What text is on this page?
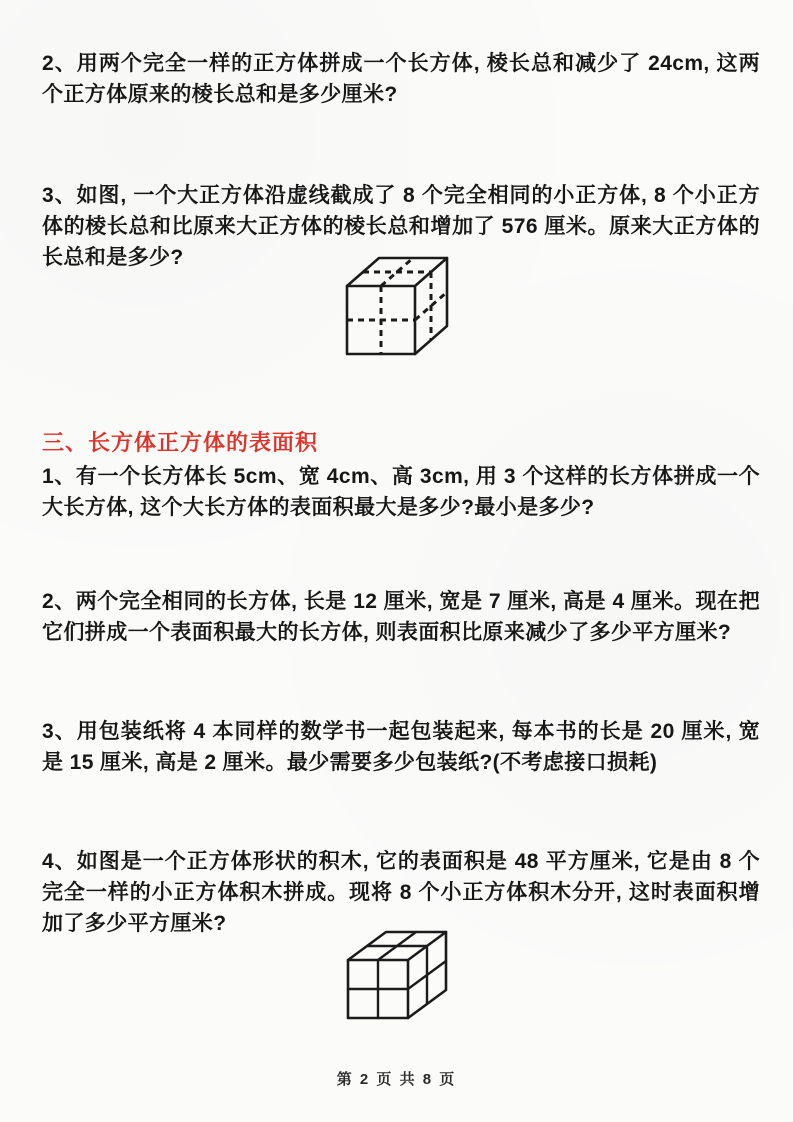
2、用两个完全一样的正方体拼成一个长方体, 棱长总和减少了 24cm, 这两个正方体原来的棱长总和是多少厘米?

3、如图, 一个大正方体沿虚线截成了 8 个完全相同的小正方体, 8 个小正方体的棱长总和比原来大正方体的棱长总和增加了 576 厘米。原来大正方体的长总和是多少?

三、长方体正方体的表面积

1、有一个长方体长 5cm、宽 4cm、高 3cm, 用 3 个这样的长方体拼成一个大长方体, 这个大长方体的表面积最大是多少?最小是多少?

2、两个完全相同的长方体, 长是 12 厘米, 宽是 7 厘米, 高是 4 厘米。现在把它们拼成一个表面积最大的长方体, 则表面积比原来减少了多少平方厘米?

3、用包装纸将 4 本同样的数学书一起包装起来, 每本书的长是 20 厘米, 宽是 15 厘米, 高是 2 厘米。最少需要多少包装纸?(不考虑接口损耗)

4、如图是一个正方体形状的积木, 它的表面积是 48 平方厘米, 它是由 8 个完全一样的小正方体积木拼成。现将 8 个小正方体积木分开, 这时表面积增加了多少平方厘米?

第 2 页 共 8 页
